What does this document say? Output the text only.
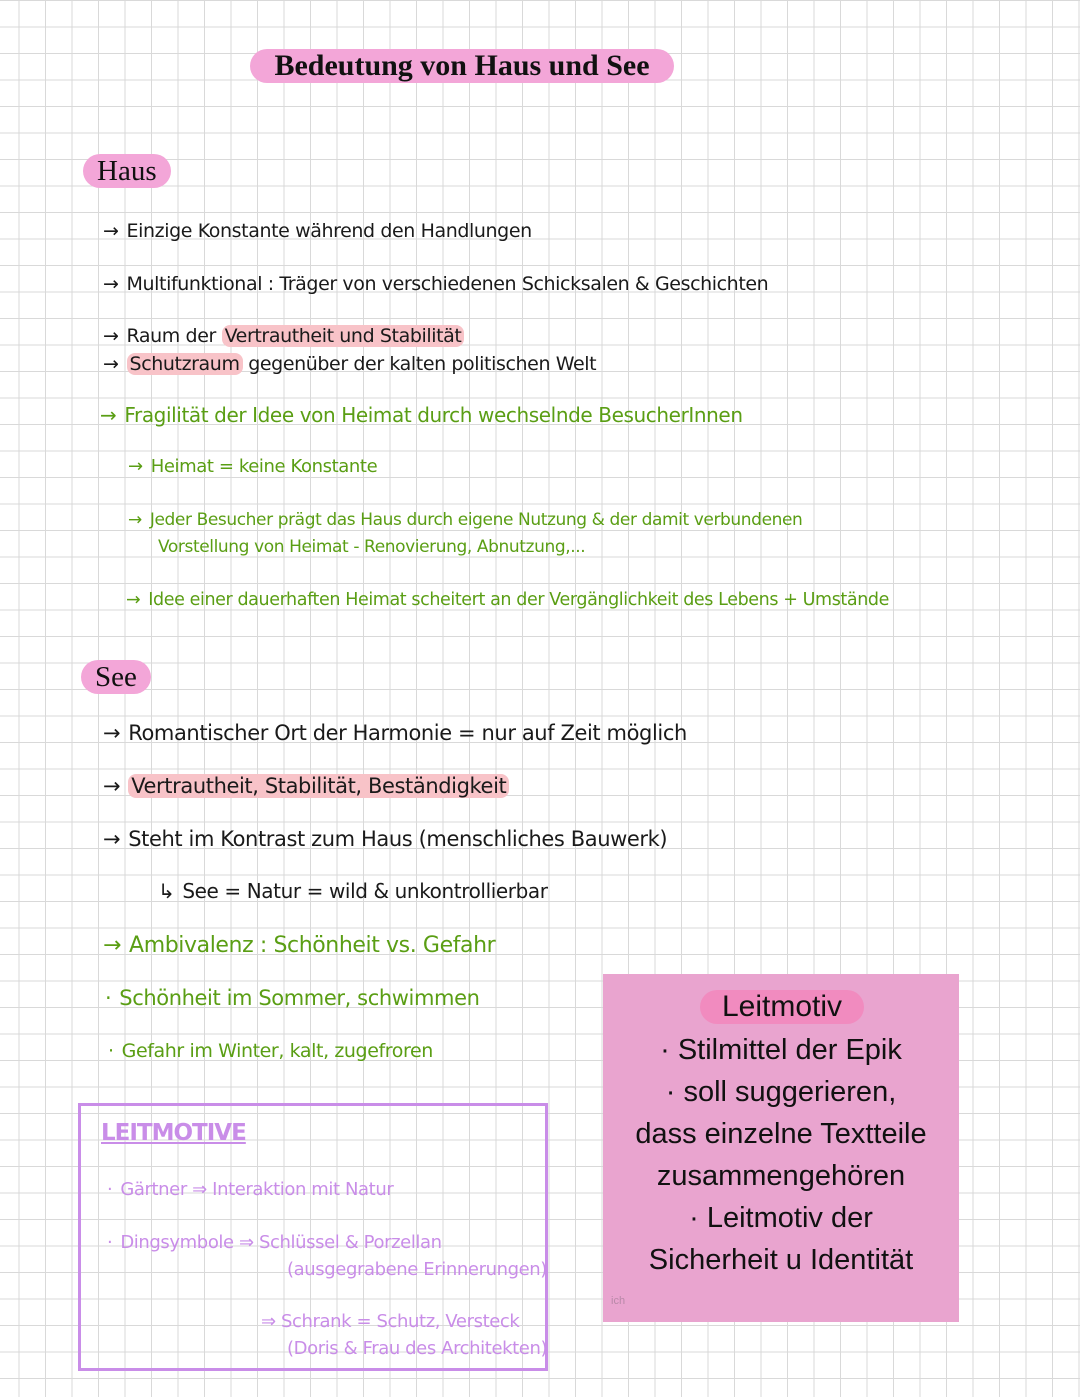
Bedeutung von Haus und See
Haus
→ Einzige Konstante während den Handlungen
→ Multifunktional : Träger von verschiedenen Schicksalen & Geschichten
→ Raum der Vertrautheit und Stabilität
→ Schutzraum gegenüber der kalten politischen Welt
→ Fragilität der Idee von Heimat durch wechselnde BesucherInnen
→ Heimat = keine Konstante
→ Jeder Besucher prägt das Haus durch eigene Nutzung & der damit verbundenen
Vorstellung von Heimat - Renovierung, Abnutzung,...
→ Idee einer dauerhaften Heimat scheitert an der Vergänglichkeit des Lebens + Umstände
See
→ Romantischer Ort der Harmonie = nur auf Zeit möglich
→ Vertrautheit, Stabilität, Beständigkeit
→ Steht im Kontrast zum Haus (menschliches Bauwerk)
↳ See = Natur = wild & unkontrollierbar
→ Ambivalenz : Schönheit vs. Gefahr
· Schönheit im Sommer, schwimmen
· Gefahr im Winter, kalt, zugefroren
LEITMOTIVE
· Gärtner ⇒ Interaktion mit Natur
· Dingsymbole ⇒ Schlüssel & Porzellan
(ausgegrabene Erinnerungen)
⇒ Schrank = Schutz, Versteck
(Doris & Frau des Architekten)
Leitmotiv
· Stilmittel der Epik
· soll suggerieren,
dass einzelne Textteile
zusammengehören
· Leitmotiv der
Sicherheit u Identität
ich
